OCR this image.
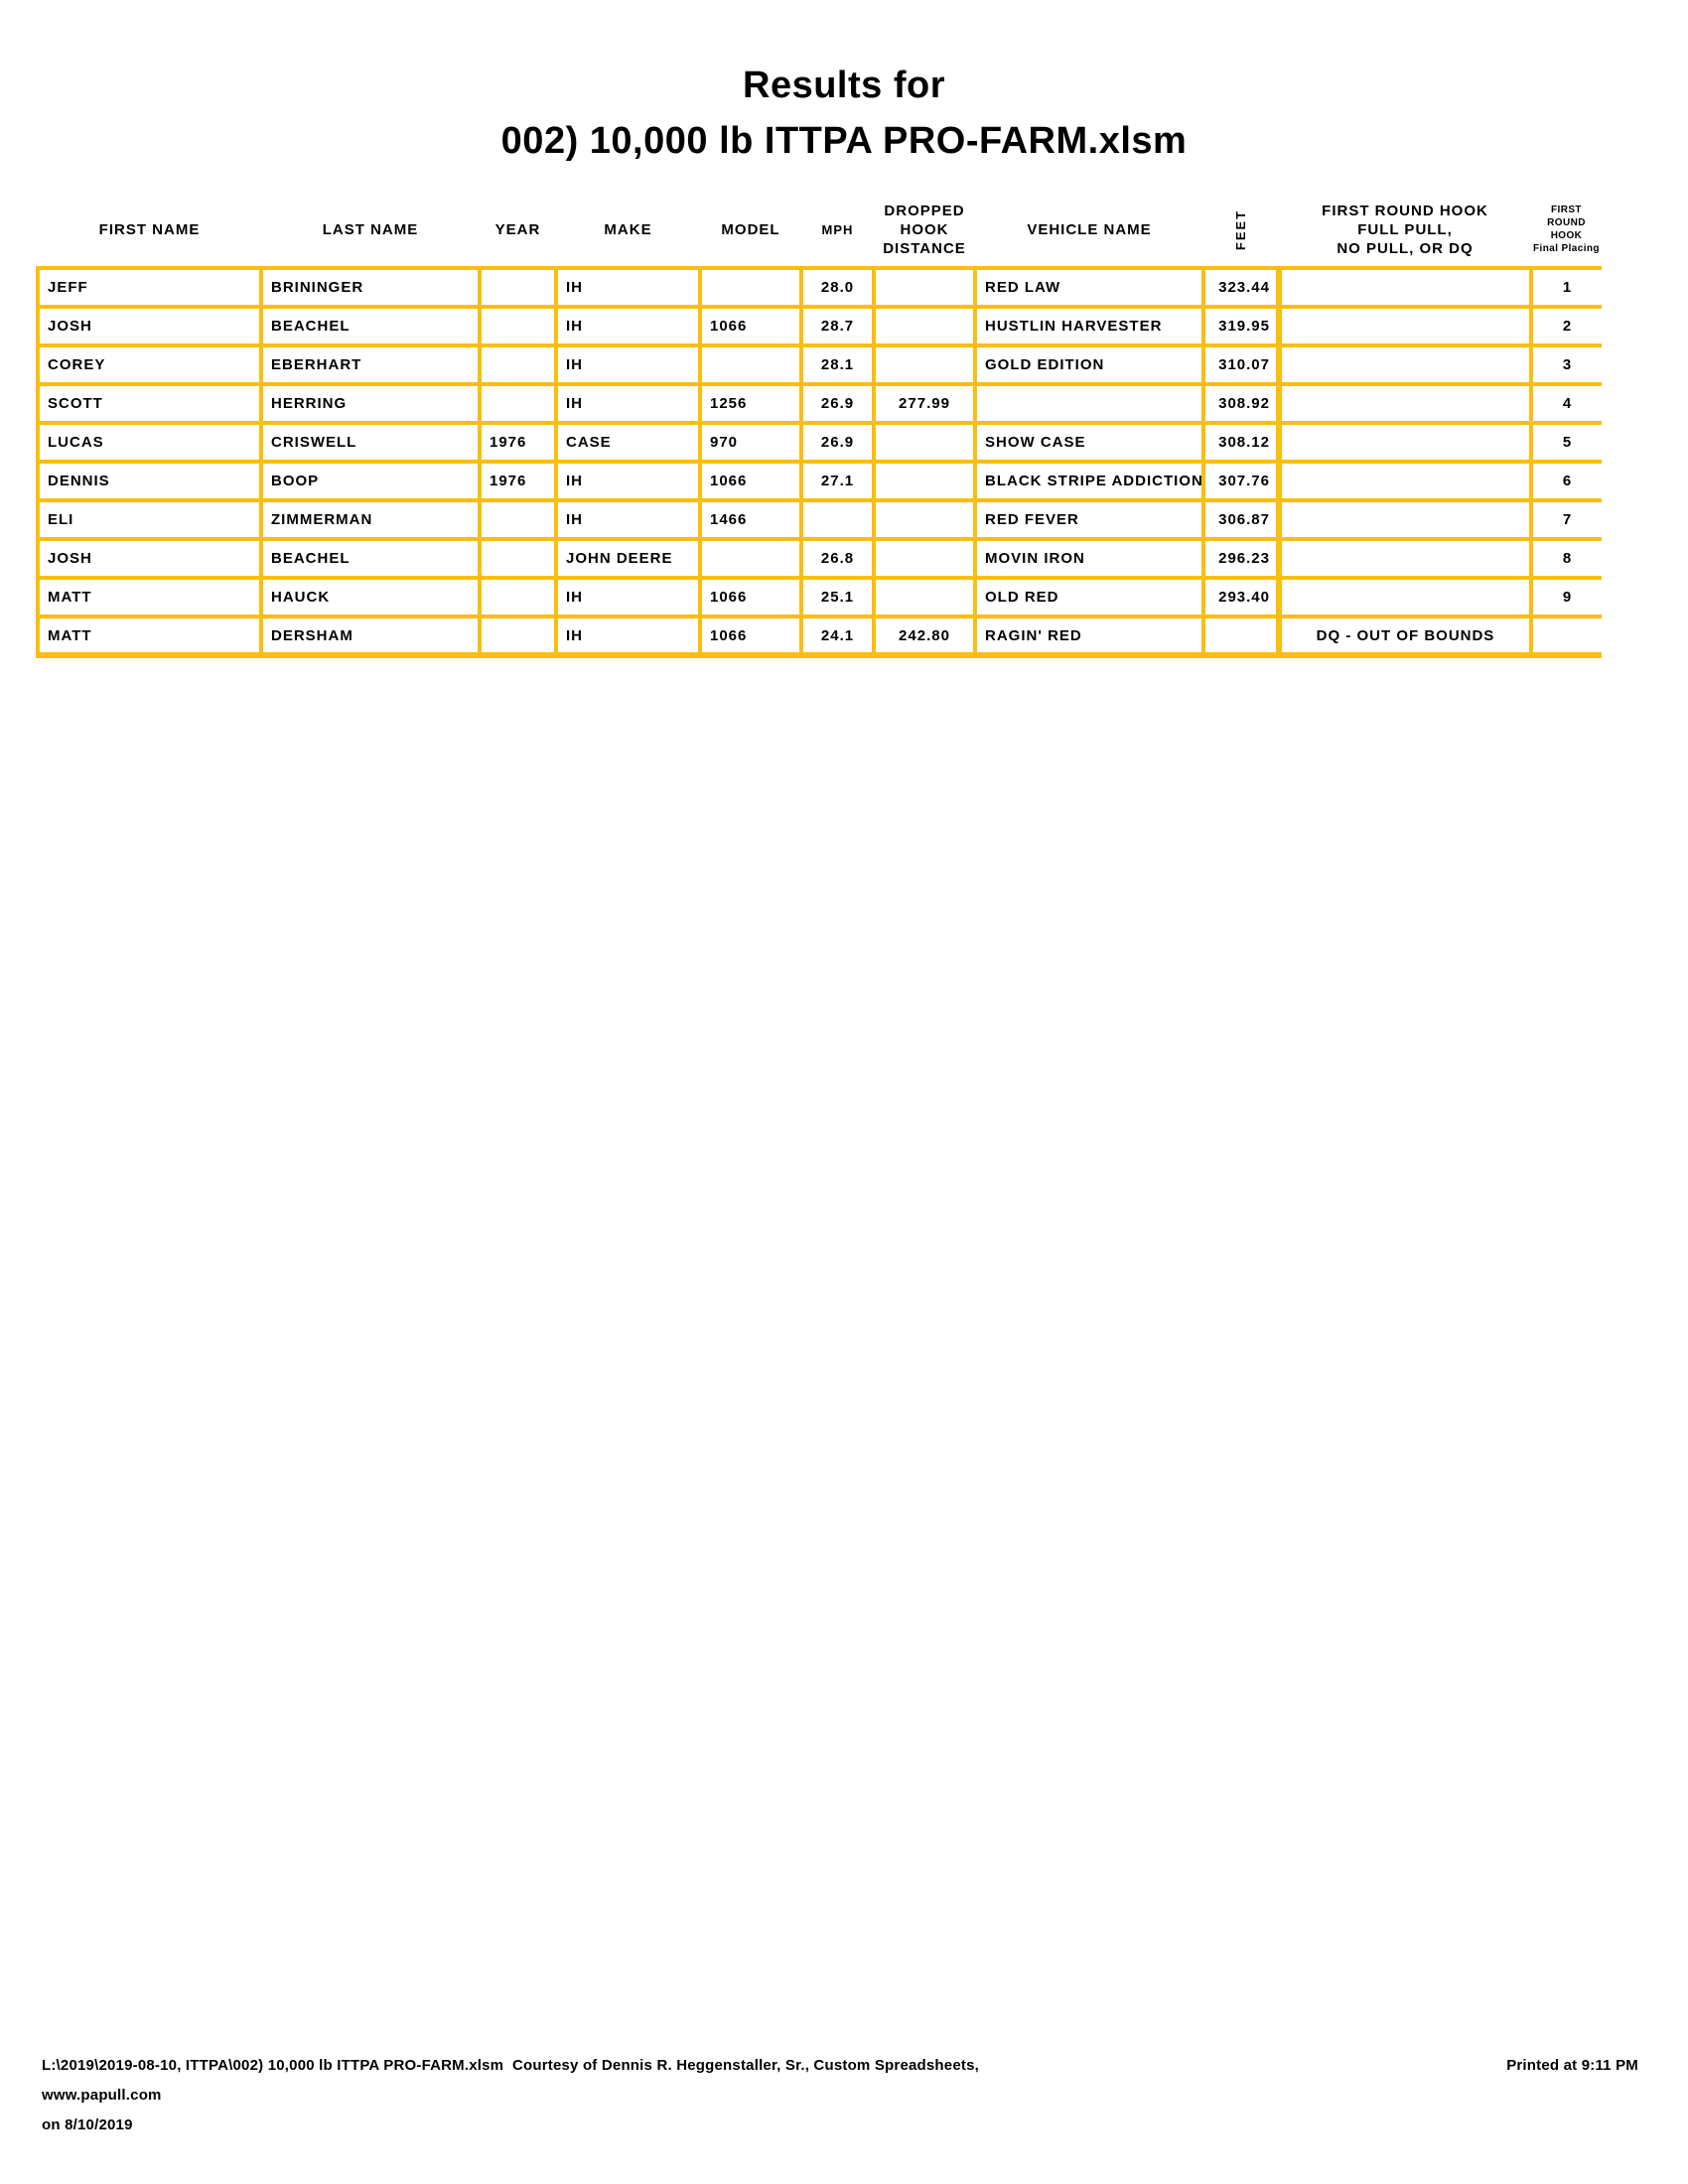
Results for
002) 10,000 lb ITTPA PRO-FARM.xlsm
FIRST NAME	LAST NAME	YEAR	MAKE	MODEL	MPH	DROPPED
HOOK
DISTANCE	VEHICLE NAME	FEET	FIRST ROUND HOOK
FULL PULL,
NO PULL, OR DQ	FIRST ROUND
HOOK
Final Placing

JEFF	BRININGER		IH		28.0		RED LAW	323.44		1
JOSH	BEACHEL		IH	1066	28.7		HUSTLIN HARVESTER	319.95		2
COREY	EBERHART		IH		28.1		GOLD EDITION	310.07		3
SCOTT	HERRING		IH	1256	26.9	277.99		308.92		4
LUCAS	CRISWELL	1976	CASE	970	26.9		SHOW CASE	308.12		5
DENNIS	BOOP	1976	IH	1066	27.1		BLACK STRIPE ADDICTION	307.76		6
ELI	ZIMMERMAN		IH	1466			RED FEVER	306.87		7
JOSH	BEACHEL		JOHN DEERE		26.8		MOVIN IRON	296.23		8
MATT	HAUCK		IH	1066	25.1		OLD RED	293.40		9
MATT	DERSHAM		IH	1066	24.1	242.80	RAGIN' RED		DQ - OUT OF BOUNDS	
L:\2019\2019-08-10, ITTPA\002) 10,000 lb ITTPA PRO-FARM.xlsm  Courtesy of Dennis R. Heggenstaller, Sr., Custom Spreadsheets, www.papull.com
on 8/10/2019
Printed at 9:11 PM
